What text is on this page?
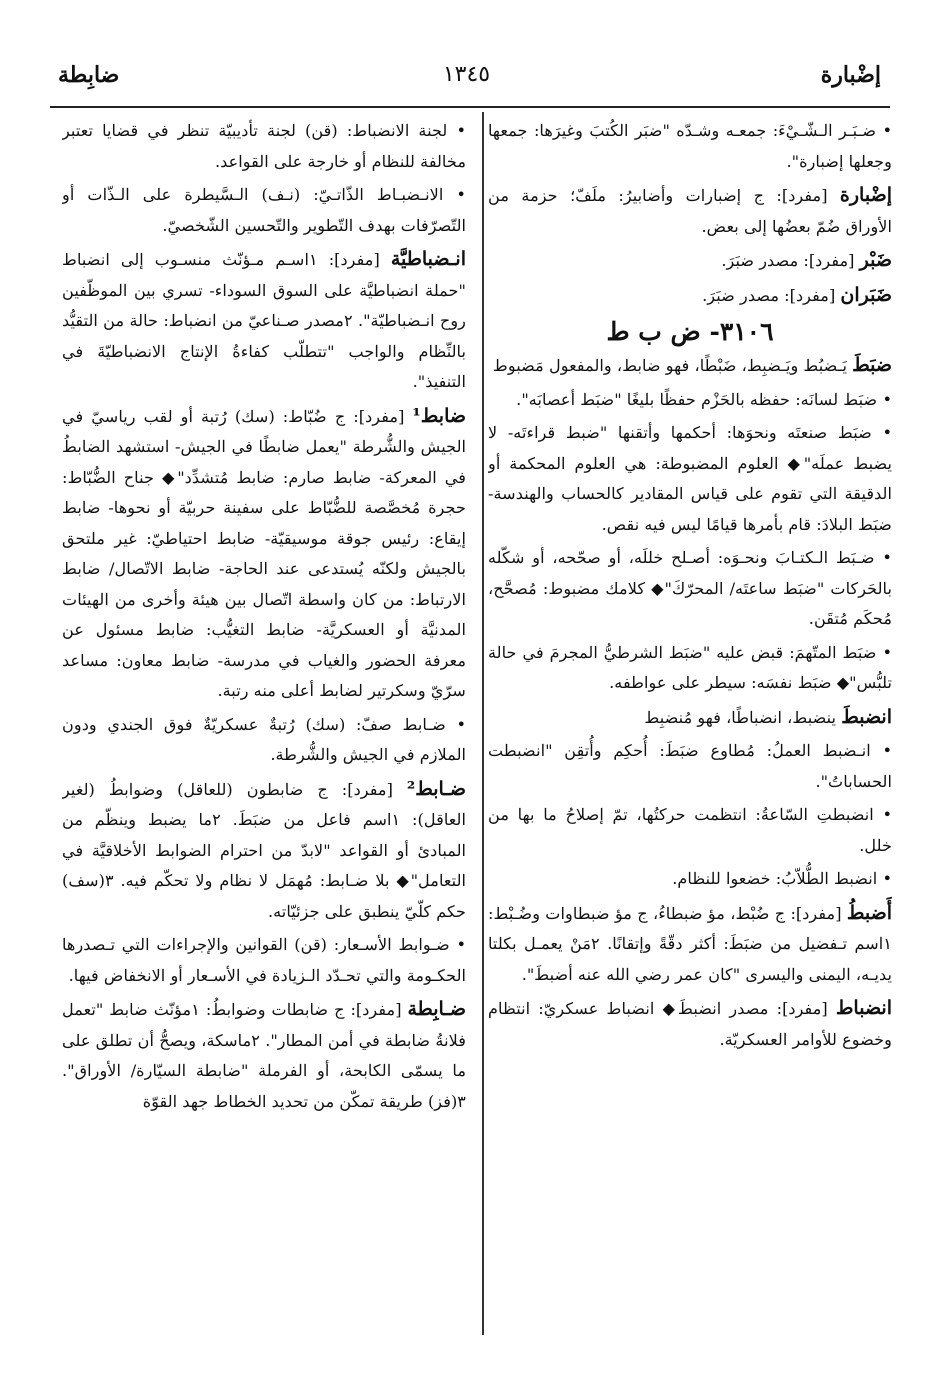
إضْبارة
١٣٤٥
ضابِطة

• ضـبَـر الـشّـيْءَ: جمعـه وشـدّه "ضبَر الكُتبَ وغيرَها: جمعها وجعلها إضبارة".

إضْبارة [مفرد]: ج إضبارات وأضابيرُ: ملَفّ؛ حزمة من الأوراق ضُمّ بعضُها إلى بعض.

ضَبْر [مفرد]: مصدر ضبَرَ.

ضَبَران [مفرد]: مصدر ضبَرَ.

٣١٠٦- ض ب ط

ضبَطَ يَـضبُط ويَـضبِط، ضَبْطًا، فهو ضابط، والمفعول مَضبوط

• ضبَط لسانَه: حفظه بالحَزْم حفظًا بليغًا "ضبَط أعصابَه".

• ضبَط صنعتَه ونحوَها: أحكمها وأتقنها "ضبط قراءتَه- لا يضبط عملَه"◆ العلوم المضبوطة: هي العلوم المحكمة أو الدقيقة التي تقوم على قياس المقادير كالحساب والهندسة- ضبَط البلادَ: قام بأمرها قيامًا ليس فيه نقص.

• ضـبَط الـكتـابَ ونحـوَه: أصـلح خللَه، أو صحّحه، أو شكّله بالحَركات "ضبَط ساعتَه/ المحرّكَ"◆ كلامك مضبوط: مُصحَّح، مُحكَم مُتقَن.

• ضبَط المتّهمَ: قبض عليه "ضبَط الشرطيُّ المجرمَ في حالة تلبُّس"◆ ضبَط نفسَه: سيطر على عواطفه.

انضبطَ ينضبط، انضباطًا، فهو مُنضبِط

• انـضبط العملُ: مُطاوع ضبَطَ: أُحكِم وأُتقِن "انضبطت الحساباتُ".

• انضبطتِ السّاعةُ: انتظمت حركتُها، تمّ إصلاحُ ما بها من خلل.

• انضبط الطُّلاّبُ: خضعوا للنظام.

أَضبطُ [مفرد]: ج ضُبْط، مؤ ضبطاءُ، ج مؤ ضبطاوات وضُـبْط: ١اسم تـفضيل من ضبَطَ: أكثر دقّةً وإتقانًا. ٢مَنْ يعمـل بكلتا يديـه، اليمنى واليسرى "كان عمر رضي الله عنه أضبطَ".

انضباط [مفرد]: مصدر انضبطَ◆ انضباط عسكريّ: انتظام وخضوع للأوامر العسكريّة.

• لجنة الانضباط: (قن) لجنة تأديبيّة تنظر في قضايا تعتبر مخالفة للنظام أو خارجة على القواعد.

• الانـضبـاط الذّاتـيّ: (نـف) الـسَّيطرة على الـذّات أو التّصرّفات بهدف التّطوير والتّحسين الشّخصيّ.

انـضباطيَّة [مفرد]: ١اسـم مـؤنّث منسـوب إلى انضباط "حملة انضباطيَّة على السوق السوداء- تسري بين الموظّفين روح انـضباطيّة". ٢مصدر صـناعيّ من انضباط: حالة من التقيُّد بالنِّظام والواجب "تتطلّب كفاءةُ الإنتاج الانضباطيّةَ في التنفيذ".

ضابط¹ [مفرد]: ج ضُبّاط: (سك) رُتبة أو لقب رياسيّ في الجيش والشُّرطة "يعمل ضابطًا في الجيش- استشهد الضابطُ في المعركة- ضابط صارم: ضابط مُتشدِّد"◆ جناح الضُّبّاط: حجرة مُخصَّصة للضُّبّاط على سفينة حربيّة أو نحوها- ضابط إيقاع: رئيس جوقة موسيقيّة- ضابط احتياطيّ: غير ملتحق بالجيش ولكنّه يُستدعى عند الحاجة- ضابط الاتّصال/ ضابط الارتباط: من كان واسطة اتّصال بين هيئة وأخرى من الهيئات المدنيَّة أو العسكريَّة- ضابط التغيُّب: ضابط مسئول عن معرفة الحضور والغياب في مدرسة- ضابط معاون: مساعد سرّيّ وسكرتير لضابط أعلى منه رتبة.

• ضـابط صفّ: (سك) رُتبةٌ عسكريّةٌ فوق الجندي ودون الملازم في الجيش والشُّرطة.

ضـابط² [مفرد]: ج ضابطون (للعاقل) وضوابطُ (لغير العاقل): ١اسم فاعل من ضبَطَ. ٢ما يضبط وينظّم من المبادئ أو القواعد "لابدّ من احترام الضوابط الأخلاقيَّة في التعامل"◆ بلا ضـابط: مُهمَل لا نظام ولا تحكّم فيه. ٣(سف) حكم كلّيّ ينطبق على جزئيّاته.

• ضـوابط الأسـعار: (قن) القوانين والإجراءات التي تـصدرها الحكـومة والتي تحـدّد الـزيادة في الأسـعار أو الانخفاض فيها.

ضـابِطة [مفرد]: ج ضابطات وضوابطُ: ١مؤنّث ضابط "تعمل فلانةُ ضابطة في أمن المطار". ٢ماسكة، ويصحُّ أن تطلق على ما يسمّى الكابحة، أو الفرملة "ضابطة السيّارة/ الأوراق". ٣(فز) طريقة تمكّن من تحديد الخطاط جهد القوّة
